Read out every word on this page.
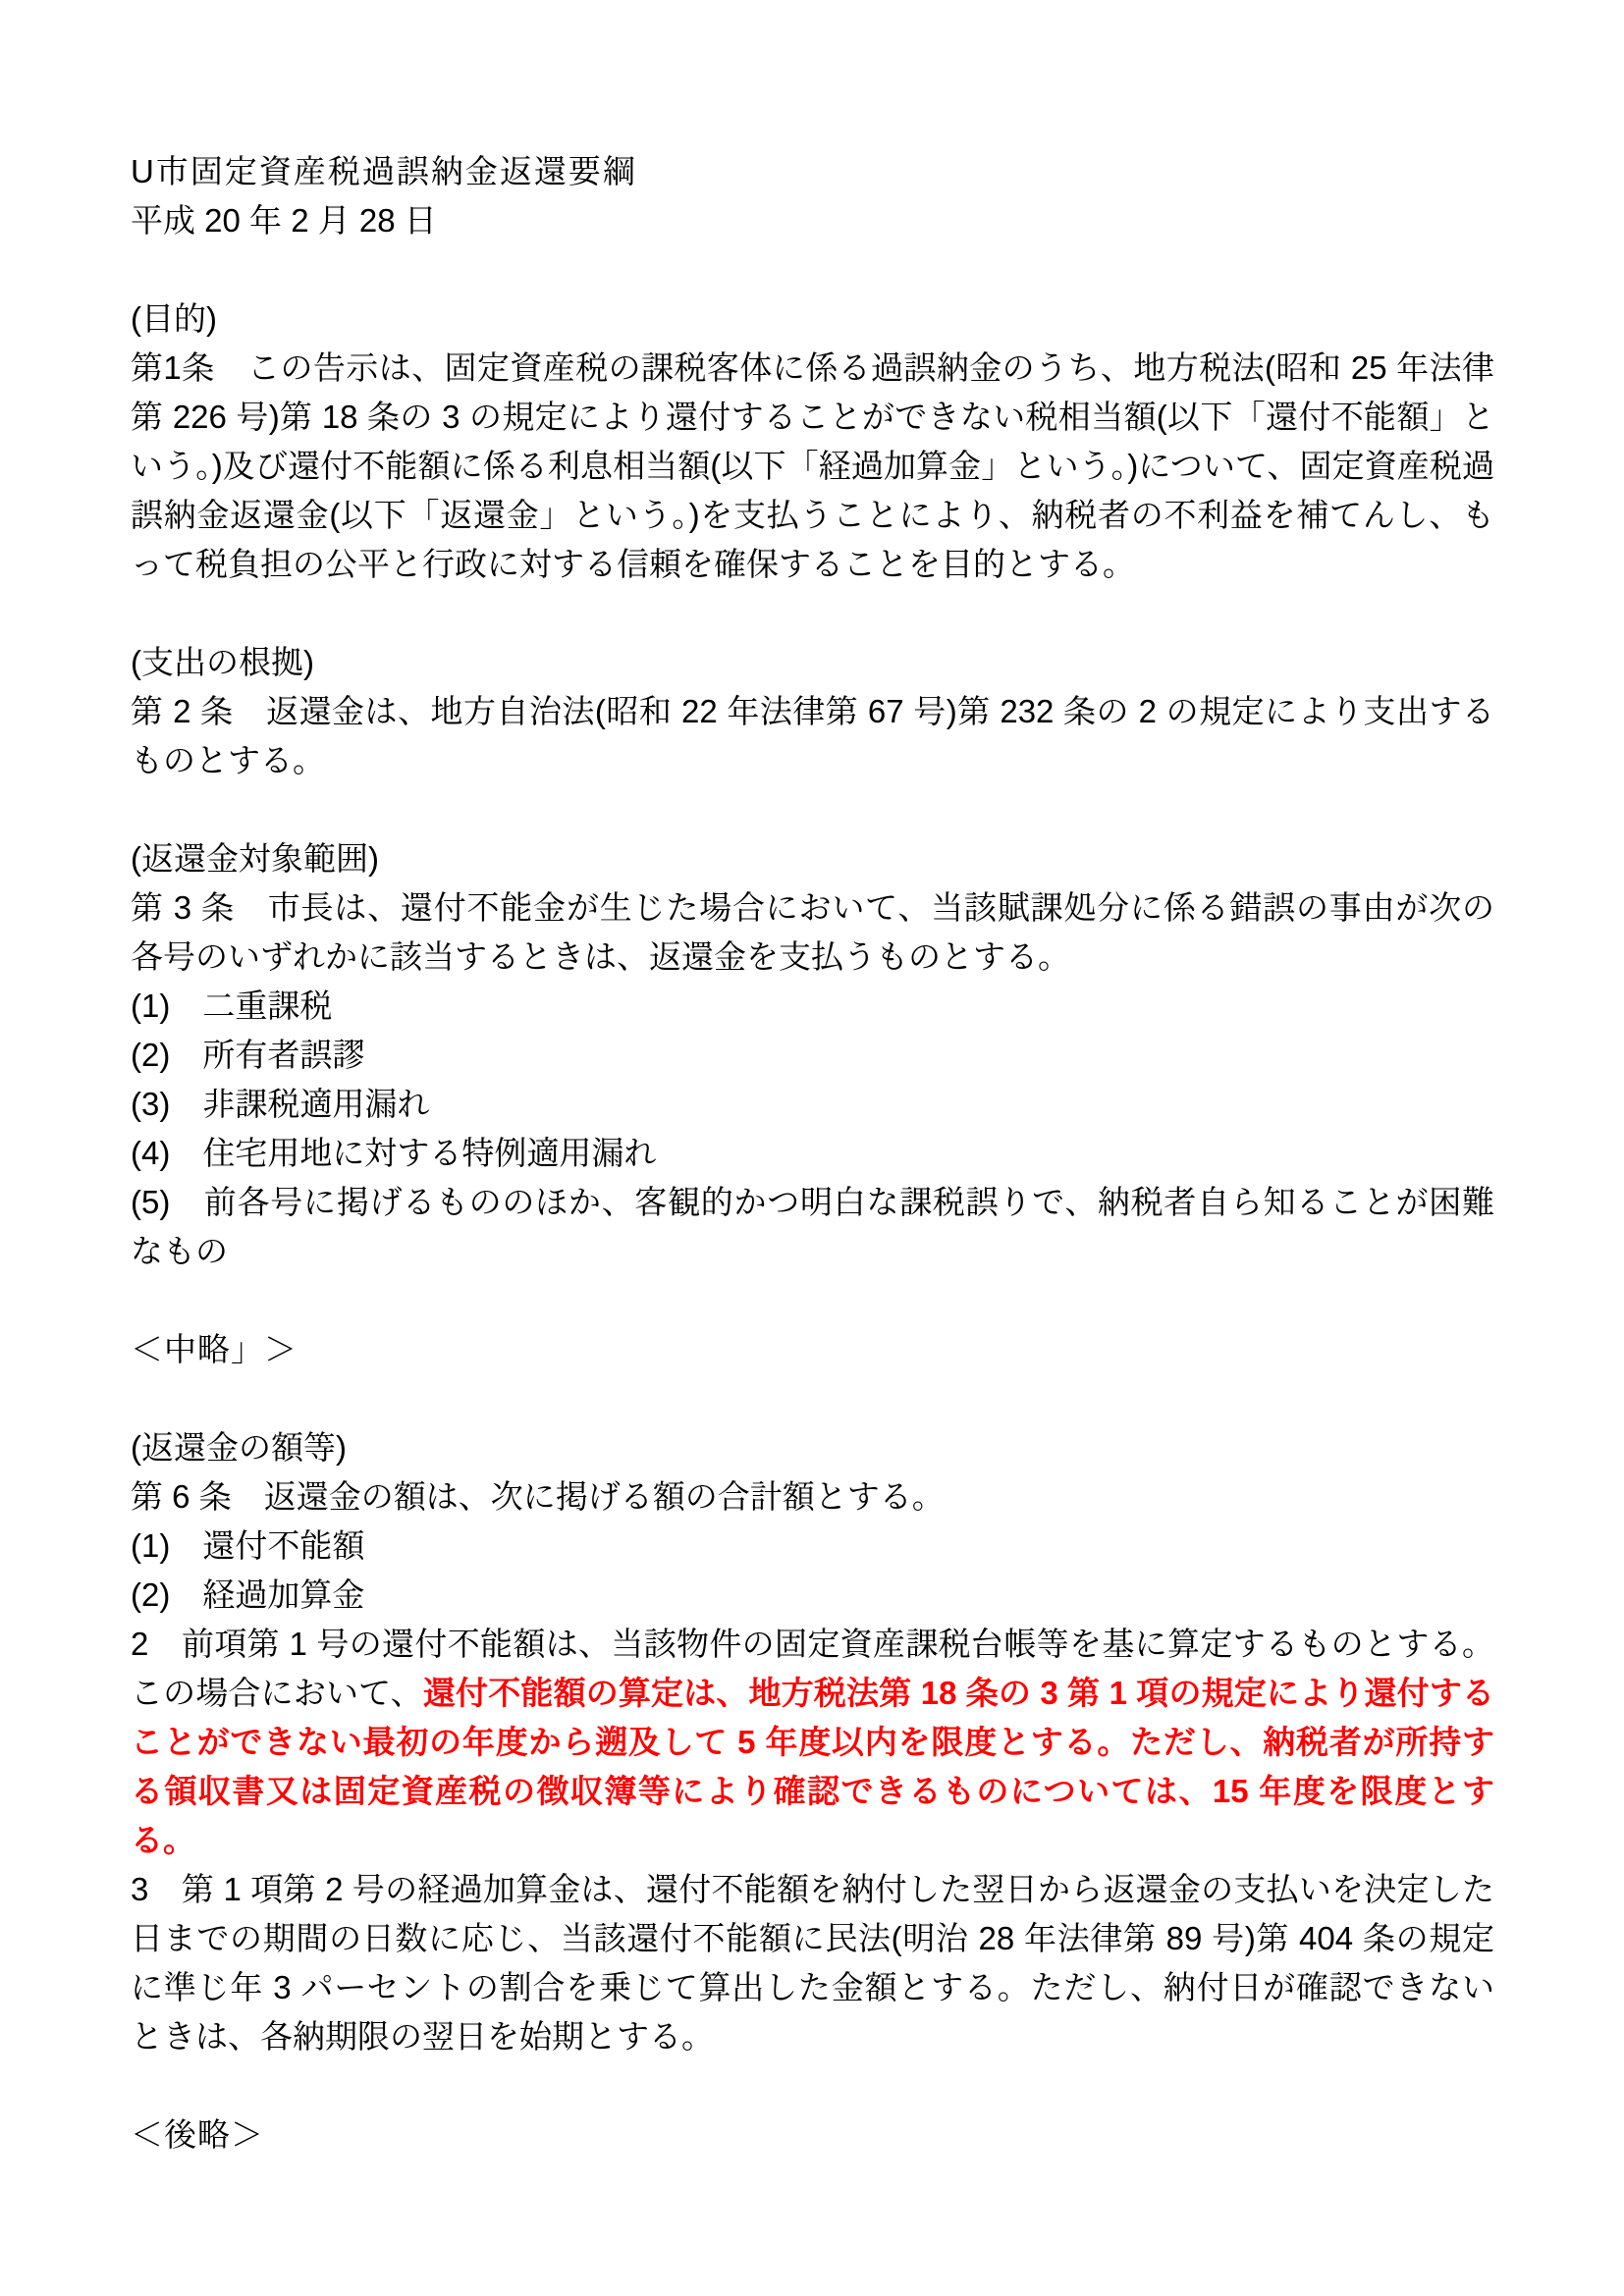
U市固定資産税過誤納金返還要綱
平成 20 年 2 月 28 日

(目的)

第1条　この告示は、固定資産税の課税客体に係る過誤納金のうち、地方税法(昭和 25 年法律第 226 号)第 18 条の 3 の規定により還付することができない税相当額(以下「還付不能額」という。)及び還付不能額に係る利息相当額(以下「経過加算金」という。)について、固定資産税過誤納金返還金(以下「返還金」という。)を支払うことにより、納税者の不利益を補てんし、もって税負担の公平と行政に対する信頼を確保することを目的とする。

(支出の根拠)

第 2 条　返還金は、地方自治法(昭和 22 年法律第 67 号)第 232 条の 2 の規定により支出するものとする。

(返還金対象範囲)

第 3 条　市長は、還付不能金が生じた場合において、当該賦課処分に係る錯誤の事由が次の各号のいずれかに該当するときは、返還金を支払うものとする。

(1)　二重課税

(2)　所有者誤謬

(3)　非課税適用漏れ

(4)　住宅用地に対する特例適用漏れ

(5)　前各号に掲げるもののほか、客観的かつ明白な課税誤りで、納税者自ら知ることが困難なもの

＜中略」＞

(返還金の額等)

第 6 条　返還金の額は、次に掲げる額の合計額とする。

(1)　還付不能額

(2)　経過加算金

2　前項第 1 号の還付不能額は、当該物件の固定資産課税台帳等を基に算定するものとする。この場合において、還付不能額の算定は、地方税法第 18 条の 3 第 1 項の規定により還付することができない最初の年度から遡及して 5 年度以内を限度とする。ただし、納税者が所持する領収書又は固定資産税の徴収簿等により確認できるものについては、15 年度を限度とする。

3　第 1 項第 2 号の経過加算金は、還付不能額を納付した翌日から返還金の支払いを決定した日までの期間の日数に応じ、当該還付不能額に民法(明治 28 年法律第 89 号)第 404 条の規定に準じ年 3 パーセントの割合を乗じて算出した金額とする。ただし、納付日が確認できないときは、各納期限の翌日を始期とする。

＜後略＞
